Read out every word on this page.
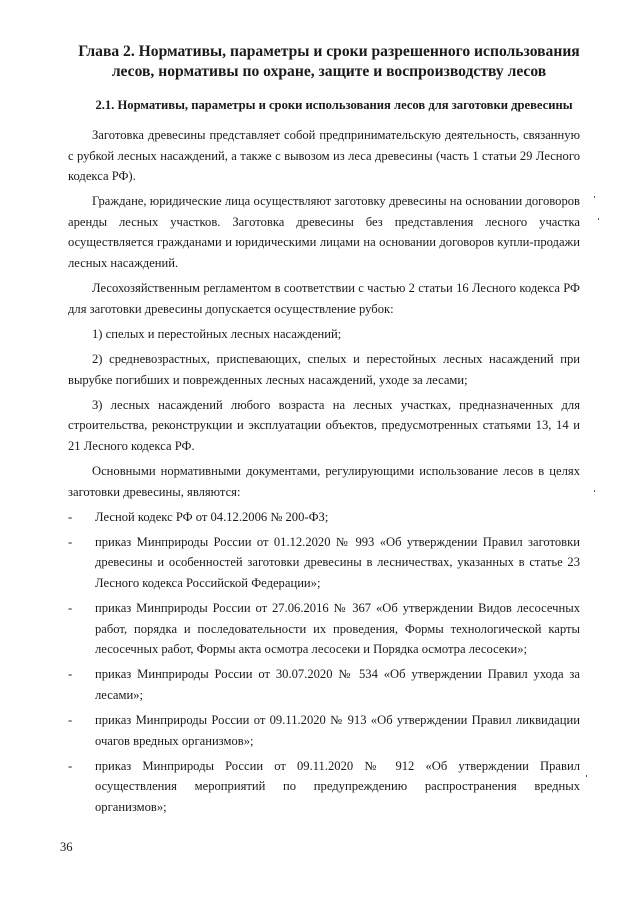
Глава 2. Нормативы, параметры и сроки разрешенного использования лесов, нормативы по охране, защите и воспроизводству лесов
2.1. Нормативы, параметры и сроки использования лесов для заготовки древесины

Заготовка древесины представляет собой предпринимательскую деятельность, связанную с рубкой лесных насаждений, а также с вывозом из леса древесины (часть 1 статьи 29 Лесного кодекса РФ).

Граждане, юридические лица осуществляют заготовку древесины на основании договоров аренды лесных участков. Заготовка древесины без представления лесного участка осуществляется гражданами и юридическими лицами на основании договоров купли-продажи лесных насаждений.

Лесохозяйственным регламентом в соответствии с частью 2 статьи 16 Лесного кодекса РФ для заготовки древесины допускается осуществление рубок:

1) спелых и перестойных лесных насаждений;

2) средневозрастных, приспевающих, спелых и перестойных лесных насаждений при вырубке погибших и поврежденных лесных насаждений, уходе за лесами;

3) лесных насаждений любого возраста на лесных участках, предназначенных для строительства, реконструкции и эксплуатации объектов, предусмотренных статьями 13, 14 и 21 Лесного кодекса РФ.

Основными нормативными документами, регулирующими использование лесов в целях заготовки древесины, являются:

- Лесной кодекс РФ от 04.12.2006 № 200-ФЗ;
- приказ Минприроды России от 01.12.2020 № 993 «Об утверждении Правил заготовки древесины и особенностей заготовки древесины в лесничествах, указанных в статье 23 Лесного кодекса Российской Федерации»;
- приказ Минприроды России от 27.06.2016 № 367 «Об утверждении Видов лесосечных работ, порядка и последовательности их проведения, Формы технологической карты лесосечных работ, Формы акта осмотра лесосеки и Порядка осмотра лесосеки»;
- приказ Минприроды России от 30.07.2020 № 534 «Об утверждении Правил ухода за лесами»;
- приказ Минприроды России от 09.11.2020 № 913 «Об утверждении Правил ликвидации очагов вредных организмов»;
- приказ Минприроды России от 09.11.2020 № 912 «Об утверждении Правил осуществления мероприятий по предупреждению распространения вредных организмов»;
36
